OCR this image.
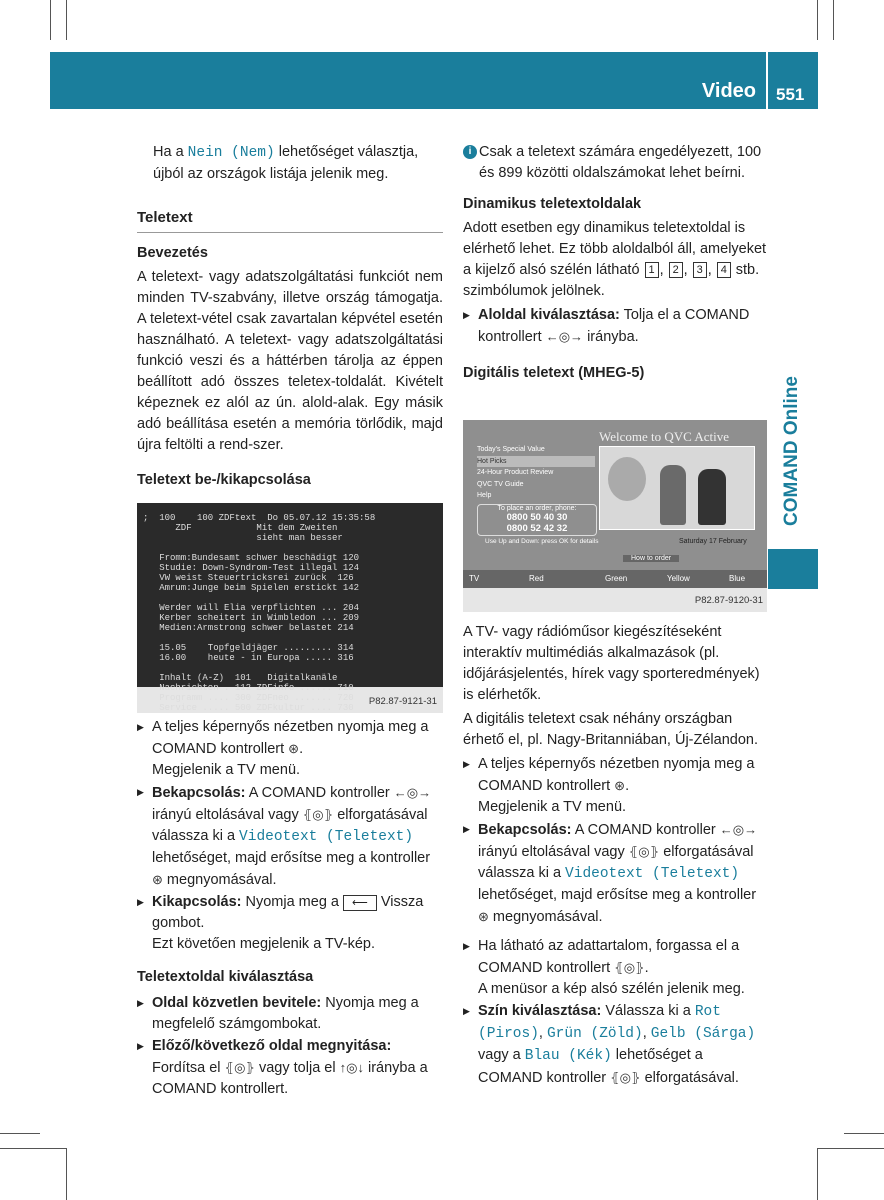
Video 551
COMAND Online

Ha a Nein (Nem) lehetőséget választja, újból az országok listája jelenik meg.

Teletext

Bevezetés

A teletext- vagy adatszolgáltatási funkciót nem minden TV-szabvány, illetve ország támogatja. A teletext-vétel csak zavartalan képvétel esetén használható. A teletext- vagy adatszolgáltatási funkció veszi és a háttérben tárolja az éppen beállított adó összes teletex-toldalát. Kivételt képeznek ez alól az ún. alold-alak. Egy másik adó beállítása esetén a memória törlődik, majd újra feltölti a rend-szer.

Teletext be-/kikapcsolása

;  100    100 ZDFtext  Do 05.07.12 15:35:58
ZDF            Mit dem Zweiten
sieht man besser

Fromm:Bundesamt schwer beschädigt 120
Studie: Down-Syndrom-Test illegal 124
VW weist Steuertricksrei zurück  126
Amrum:Junge beim Spielen erstickt 142

Werder will Elia verpflichten ... 204
Kerber scheitert in Wimbledon ... 209
Medien:Armstrong schwer belastet 214

15.05    Topfgeldjäger ......... 314
16.00    heute - in Europa ..... 316

Inhalt (A-Z)  101   Digitalkanäle
Nachrichten . 112 ZDFinfo ...... 710
Programm .... 300 ZDFneo ....... 720
Service ..... 500 ZDFkultur .... 730
P82.87-9121-31

▶ A teljes képernyős nézetben nyomja meg a COMAND kontrollert ⊛.
Megjelenik a TV menü.

▶ Bekapcsolás: A COMAND kontroller ←◎→ irányú eltolásával vagy ⦃◎⦄ elforgatásával válassza ki a Videotext (Teletext) lehetőséget, majd erősítse meg a kontroller ⊛ megnyomásával.

▶ Kikapcsolás: Nyomja meg a ⟵ Vissza gombot.
Ezt követően megjelenik a TV-kép.

Teletextoldal kiválasztása

▶ Oldal közvetlen bevitele: Nyomja meg a megfelelő számgombokat.

▶ Előző/következő oldal megnyitása: Fordítsa el ⦃◎⦄ vagy tolja el ↑◎↓ irányba a COMAND kontrollert.

i Csak a teletext számára engedélyezett, 100 és 899 közötti oldalszámokat lehet beírni.

Dinamikus teletextoldalak

Adott esetben egy dinamikus teletextoldal is elérhető lehet. Ez több aloldalból áll, amelyeket a kijelző alsó szélén látható 1 , 2 , 3 , 4 stb. szimbólumok jelölnek.

▶ Aloldal kiválasztása: Tolja el a COMAND kontrollert ←◎→ irányba.

Digitális teletext (MHEG-5)

Today's Special Value
Hot Picks
24-Hour Product Review
QVC TV Guide
Help
Welcome to QVC Active
To place an order, phone:
0800 50 40 30
0800 52 42 32
Use Up and Down: press OK for details	Saturday 17 February
How to order
TV	Red	Green	Yellow	Blue
P82.87-9120-31

A TV- vagy rádióműsor kiegészítéseként interaktív multimédiás alkalmazások (pl. időjárásjelentés, hírek vagy sporteredmények) is elérhetők.

A digitális teletext csak néhány országban érhető el, pl. Nagy-Britanniában, Új-Zélandon.

▶ A teljes képernyős nézetben nyomja meg a COMAND kontrollert ⊛.
Megjelenik a TV menü.

▶ Bekapcsolás: A COMAND kontroller ←◎→ irányú eltolásával vagy ⦃◎⦄ elforgatásával válassza ki a Videotext (Teletext) lehetőséget, majd erősítse meg a kontroller ⊛ megnyomásával.

▶ Ha látható az adattartalom, forgassa el a COMAND kontrollert ⦃◎⦄.
A menüsor a kép alsó szélén jelenik meg.

▶ Szín kiválasztása: Válassza ki a Rot (Piros), Grün (Zöld), Gelb (Sárga) vagy a Blau (Kék) lehetőséget a COMAND kontroller ⦃◎⦄ elforgatásával.
